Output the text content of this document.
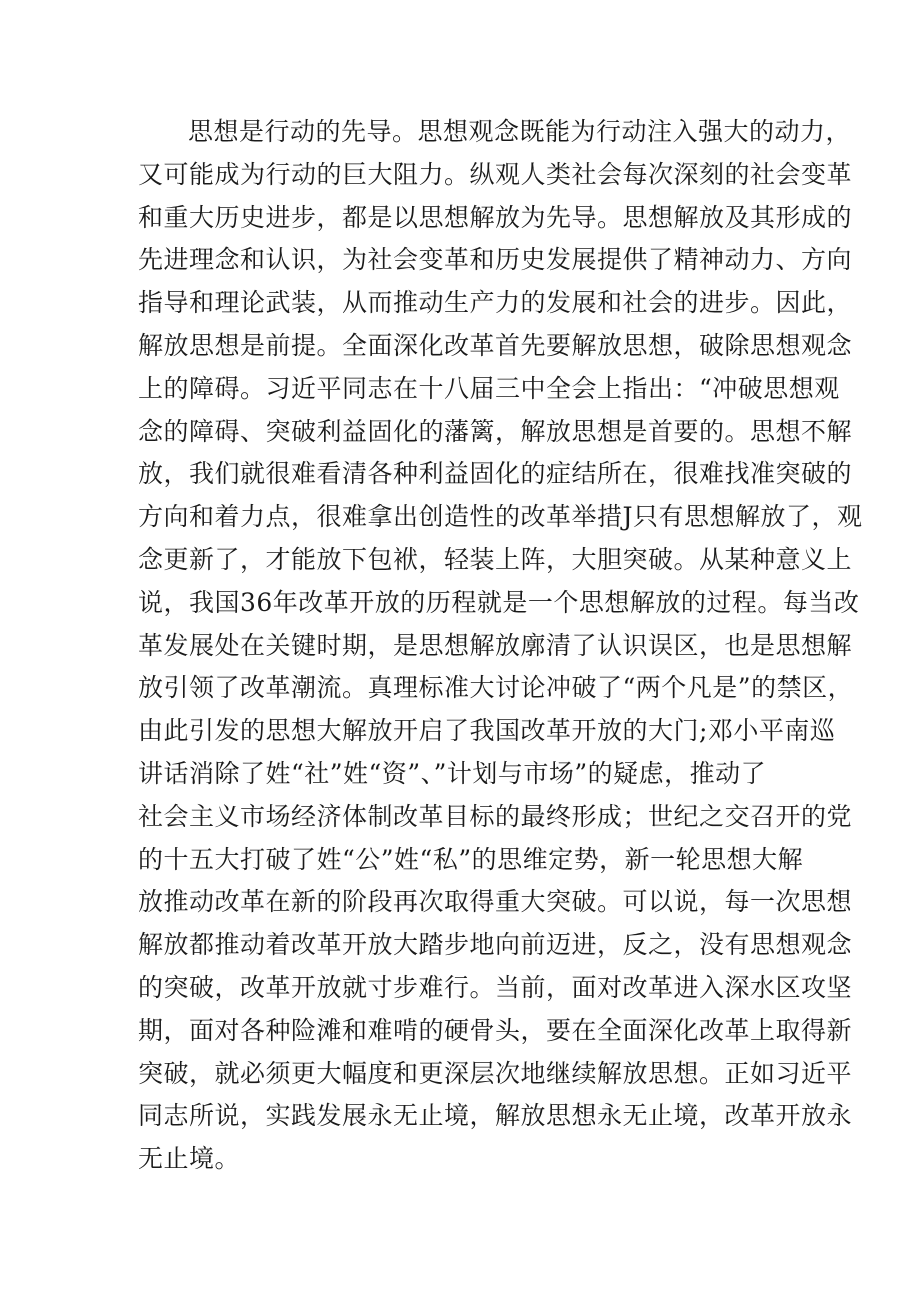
思想是行动的先导。思想观念既能为行动注入强大的动力，
又可能成为行动的巨大阻力。纵观人类社会每次深刻的社会变革
和重大历史进步，都是以思想解放为先导。思想解放及其形成的
先进理念和认识，为社会变革和历史发展提供了精神动力、方向
指导和理论武装，从而推动生产力的发展和社会的进步。因此，
解放思想是前提。全面深化改革首先要解放思想，破除思想观念
上的障碍。习近平同志在十八届三中全会上指出：“冲破思想观
念的障碍、突破利益固化的藩篱，解放思想是首要的。思想不解
放，我们就很难看清各种利益固化的症结所在，很难找准突破的
方向和着力点，很难拿出创造性的改革举措J只有思想解放了，观
念更新了，才能放下包袱，轻装上阵，大胆突破。从某种意义上
说，我国36年改革开放的历程就是一个思想解放的过程。每当改
革发展处在关键时期，是思想解放廓清了认识误区，也是思想解
放引领了改革潮流。真理标准大讨论冲破了“两个凡是”的禁区，
由此引发的思想大解放开启了我国改革开放的大门;邓小平南巡
讲话消除了姓“社”姓“资”、”计划与市场”的疑虑，推动了
社会主义市场经济体制改革目标的最终形成；世纪之交召开的党
的十五大打破了姓“公”姓“私”的思维定势，新一轮思想大解
放推动改革在新的阶段再次取得重大突破。可以说，每一次思想
解放都推动着改革开放大踏步地向前迈进，反之，没有思想观念
的突破，改革开放就寸步难行。当前，面对改革进入深水区攻坚
期，面对各种险滩和难啃的硬骨头，要在全面深化改革上取得新
突破，就必须更大幅度和更深层次地继续解放思想。正如习近平
同志所说，实践发展永无止境，解放思想永无止境，改革开放永
无止境。
